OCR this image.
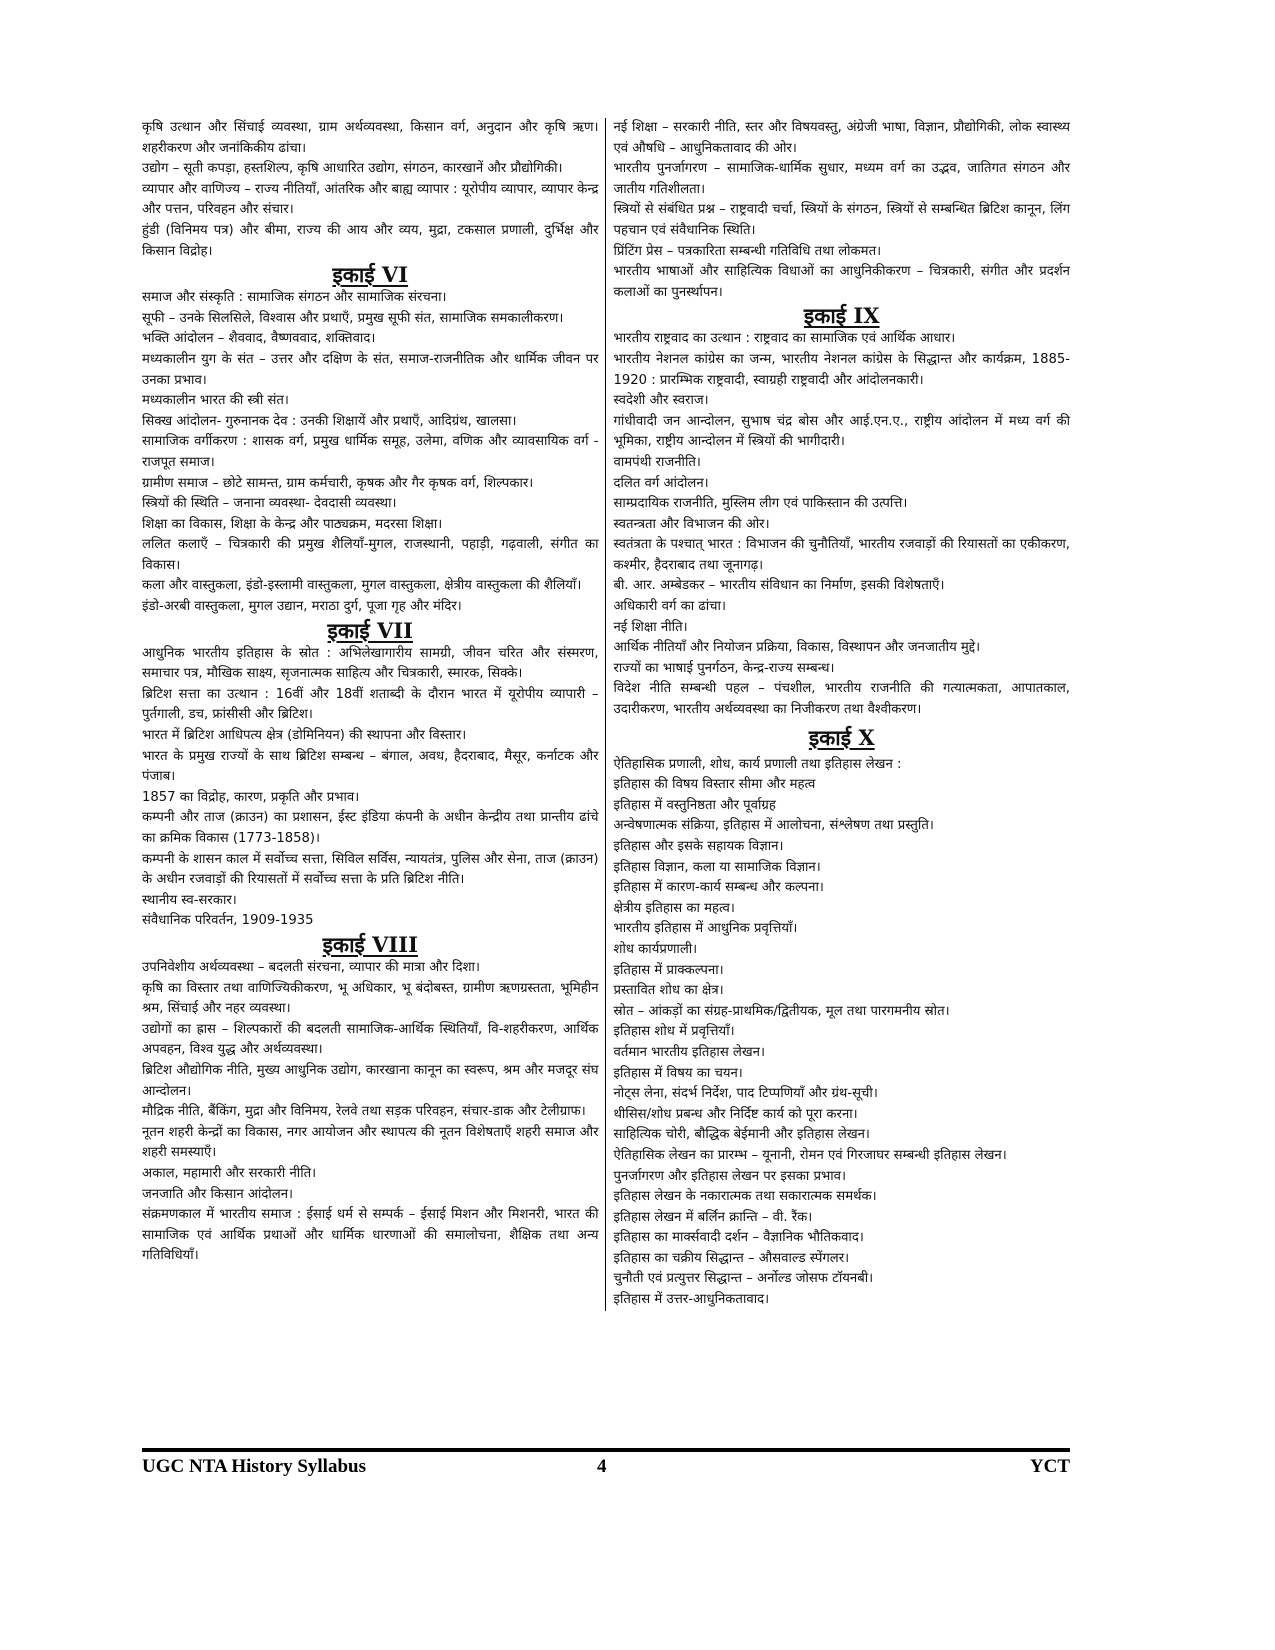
कृषि उत्थान और सिंचाई व्यवस्था, ग्राम अर्थव्यवस्था, किसान वर्ग, अनुदान और कृषि ऋण। शहरीकरण और जनांकिकीय ढांचा।

उद्योग – सूती कपड़ा, हस्तशिल्प, कृषि आधारित उद्योग, संगठन, कारखानें और प्रौद्योगिकी।

व्यापार और वाणिज्य – राज्य नीतियाँ, आंतरिक और बाह्य व्यापार : यूरोपीय व्यापार, व्यापार केन्द्र और पत्तन, परिवहन और संचार।

हुंडी (विनिमय पत्र) और बीमा, राज्य की आय और व्यय, मुद्रा, टकसाल प्रणाली, दुर्भिक्ष और किसान विद्रोह।

इकाई VI

समाज और संस्कृति : सामाजिक संगठन और सामाजिक संरचना।

सूफी – उनके सिलसिले, विश्वास और प्रथाएँ, प्रमुख सूफी संत, सामाजिक समकालीकरण।

भक्ति आंदोलन – शैववाद, वैष्णववाद, शक्तिवाद।

मध्यकालीन युग के संत – उत्तर और दक्षिण के संत, समाज-राजनीतिक और धार्मिक जीवन पर उनका प्रभाव।

मध्यकालीन भारत की स्त्री संत।

सिक्ख आंदोलन- गुरुनानक देव : उनकी शिक्षायें और प्रथाएँ, आदिग्रंथ, खालसा।

सामाजिक वर्गीकरण : शासक वर्ग, प्रमुख धार्मिक समूह, उलेमा, वणिक और व्यावसायिक वर्ग - राजपूत समाज।

ग्रामीण समाज – छोटे सामन्त, ग्राम कर्मचारी, कृषक और गैर कृषक वर्ग, शिल्पकार।

स्त्रियों की स्थिति – जनाना व्यवस्था- देवदासी व्यवस्था।

शिक्षा का विकास, शिक्षा के केन्द्र और पाठ्यक्रम, मदरसा शिक्षा।

ललित कलाएँ – चित्रकारी की प्रमुख शैलियाँ-मुगल, राजस्थानी, पहाड़ी, गढ़वाली, संगीत का विकास।

कला और वास्तुकला, इंडो-इस्लामी वास्तुकला, मुगल वास्तुकला, क्षेत्रीय वास्तुकला की शैलियाँ।

इंडो-अरबी वास्तुकला, मुगल उद्यान, मराठा दुर्ग, पूजा गृह और मंदिर।

इकाई VII

आधुनिक भारतीय इतिहास के स्रोत : अभिलेखागारीय सामग्री, जीवन चरित और संस्मरण, समाचार पत्र, मौखिक साक्ष्य, सृजनात्मक साहित्य और चित्रकारी, स्मारक, सिक्के।

ब्रिटिश सत्ता का उत्थान : 16वीं और 18वीं शताब्दी के दौरान भारत में यूरोपीय व्यापारी – पुर्तगाली, डच, फ्रांसीसी और ब्रिटिश।

भारत में ब्रिटिश आधिपत्य क्षेत्र (डोमिनियन) की स्थापना और विस्तार।

भारत के प्रमुख राज्यों के साथ ब्रिटिश सम्बन्ध – बंगाल, अवध, हैदराबाद, मैसूर, कर्नाटक और पंजाब।

1857 का विद्रोह, कारण, प्रकृति और प्रभाव।

कम्पनी और ताज (क्राउन) का प्रशासन, ईस्ट इंडिया कंपनी के अधीन केन्द्रीय तथा प्रान्तीय ढांचे का क्रमिक विकास (1773-1858)।

कम्पनी के शासन काल में सर्वोच्च सत्ता, सिविल सर्विस, न्यायतंत्र, पुलिस और सेना, ताज (क्राउन) के अधीन रजवाड़ों की रियासतों में सर्वोच्च सत्ता के प्रति ब्रिटिश नीति।

स्थानीय स्व-सरकार।

संवैधानिक परिवर्तन, 1909-1935

इकाई VIII

उपनिवेशीय अर्थव्यवस्था – बदलती संरचना, व्यापार की मात्रा और दिशा।

कृषि का विस्तार तथा वाणिज्यिकीकरण, भू अधिकार, भू बंदोबस्त, ग्रामीण ऋणग्रस्तता, भूमिहीन श्रम, सिंचाई और नहर व्यवस्था।

उद्योगों का ह्रास – शिल्पकारों की बदलती सामाजिक-आर्थिक स्थितियाँ, वि-शहरीकरण, आर्थिक अपवहन, विश्व युद्ध और अर्थव्यवस्था।

ब्रिटिश औद्योगिक नीति, मुख्य आधुनिक उद्योग, कारखाना कानून का स्वरूप, श्रम और मजदूर संघ आन्दोलन।

मौद्रिक नीति, बैंकिंग, मुद्रा और विनिमय, रेलवे तथा सड़क परिवहन, संचार-डाक और टेलीग्राफ।

नूतन शहरी केन्द्रों का विकास, नगर आयोजन और स्थापत्य की नूतन विशेषताएँ शहरी समाज और शहरी समस्याएँ।

अकाल, महामारी और सरकारी नीति।

जनजाति और किसान आंदोलन।

संक्रमणकाल में भारतीय समाज : ईसाई धर्म से सम्पर्क – ईसाई मिशन और मिशनरी, भारत की सामाजिक एवं आर्थिक प्रथाओं और धार्मिक धारणाओं की समालोचना, शैक्षिक तथा अन्य गतिविधियाँ।

नई शिक्षा – सरकारी नीति, स्तर और विषयवस्तु, अंग्रेजी भाषा, विज्ञान, प्रौद्योगिकी, लोक स्वास्थ्य एवं औषधि – आधुनिकतावाद की ओर।

भारतीय पुनर्जागरण – सामाजिक-धार्मिक सुधार, मध्यम वर्ग का उद्भव, जातिगत संगठन और जातीय गतिशीलता।

स्त्रियों से संबंधित प्रश्न – राष्ट्रवादी चर्चा, स्त्रियों के संगठन, स्त्रियों से सम्बन्धित ब्रिटिश कानून, लिंग पहचान एवं संवैधानिक स्थिति।

प्रिंटिंग प्रेस – पत्रकारिता सम्बन्धी गतिविधि तथा लोकमत।

भारतीय भाषाओं और साहित्यिक विधाओं का आधुनिकीकरण – चित्रकारी, संगीत और प्रदर्शन कलाओं का पुनर्स्थापन।

इकाई IX

भारतीय राष्ट्रवाद का उत्थान : राष्ट्रवाद का सामाजिक एवं आर्थिक आधार।

भारतीय नेशनल कांग्रेस का जन्म, भारतीय नेशनल कांग्रेस के सिद्धान्त और कार्यक्रम, 1885-1920 : प्रारम्भिक राष्ट्रवादी, स्वाग्रही राष्ट्रवादी और आंदोलनकारी।

स्वदेशी और स्वराज।

गांधीवादी जन आन्दोलन, सुभाष चंद्र बोस और आई.एन.ए., राष्ट्रीय आंदोलन में मध्य वर्ग की भूमिका, राष्ट्रीय आन्दोलन में स्त्रियों की भागीदारी।

वामपंथी राजनीति।

दलित वर्ग आंदोलन।

साम्प्रदायिक राजनीति, मुस्लिम लीग एवं पाकिस्तान की उत्पत्ति।

स्वतन्त्रता और विभाजन की ओर।

स्वतंत्रता के पश्चात् भारत : विभाजन की चुनौतियाँ, भारतीय रजवाड़ों की रियासतों का एकीकरण, कश्मीर, हैदराबाद तथा जूनागढ़।

बी. आर. अम्बेडकर – भारतीय संविधान का निर्माण, इसकी विशेषताएँ।

अधिकारी वर्ग का ढांचा।

नई शिक्षा नीति।

आर्थिक नीतियाँ और नियोजन प्रक्रिया, विकास, विस्थापन और जनजातीय मुद्दे।

राज्यों का भाषाई पुनर्गठन, केन्द्र-राज्य सम्बन्ध।

विदेश नीति सम्बन्धी पहल – पंचशील, भारतीय राजनीति की गत्यात्मकता, आपातकाल, उदारीकरण, भारतीय अर्थव्यवस्था का निजीकरण तथा वैश्वीकरण।

इकाई X

ऐतिहासिक प्रणाली, शोध, कार्य प्रणाली तथा इतिहास लेखन :

इतिहास की विषय विस्तार सीमा और महत्व

इतिहास में वस्तुनिष्ठता और पूर्वाग्रह

अन्वेषणात्मक संक्रिया, इतिहास में आलोचना, संश्लेषण तथा प्रस्तुति।

इतिहास और इसके सहायक विज्ञान।

इतिहास विज्ञान, कला या सामाजिक विज्ञान।

इतिहास में कारण-कार्य सम्बन्ध और कल्पना।

क्षेत्रीय इतिहास का महत्व।

भारतीय इतिहास में आधुनिक प्रवृत्तियाँ।

शोध कार्यप्रणाली।

इतिहास में प्राक्कल्पना।

प्रस्तावित शोध का क्षेत्र।

स्रोत – आंकड़ों का संग्रह-प्राथमिक/द्वितीयक, मूल तथा पारगमनीय स्रोत।

इतिहास शोध में प्रवृत्तियाँ।

वर्तमान भारतीय इतिहास लेखन।

इतिहास में विषय का चयन।

नोट्स लेना, संदर्भ निर्देश, पाद टिप्पणियाँ और ग्रंथ-सूची।

थीसिस/शोध प्रबन्ध और निर्दिष्ट कार्य को पूरा करना।

साहित्यिक चोरी, बौद्धिक बेईमानी और इतिहास लेखन।

ऐतिहासिक लेखन का प्रारम्भ – यूनानी, रोमन एवं गिरजाघर सम्बन्धी इतिहास लेखन।

पुनर्जागरण और इतिहास लेखन पर इसका प्रभाव।

इतिहास लेखन के नकारात्मक तथा सकारात्मक समर्थक।

इतिहास लेखन में बर्लिन क्रान्ति – वी. रैंक।

इतिहास का मार्क्सवादी दर्शन – वैज्ञानिक भौतिकवाद।

इतिहास का चक्रीय सिद्धान्त – औसवाल्ड स्पेंगलर।

चुनौती एवं प्रत्युत्तर सिद्धान्त – अर्नोल्ड जोसफ टॉयनबी।

इतिहास में उत्तर-आधुनिकतावाद।

UGC NTA History Syllabus	4	YCT
